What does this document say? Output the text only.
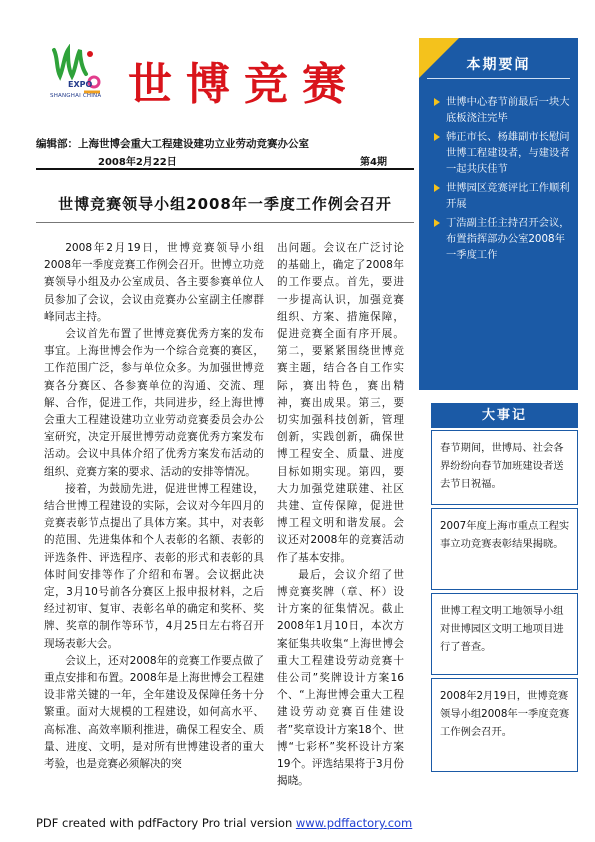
EXPO
SHANGHAI CHINA 世博竞赛
编辑部：上海世博会重大工程建设建功立业劳动竞赛办公室
2008年2月22日	第4期
世博竞赛领导小组2008年一季度工作例会召开

2008年2月19日，世博竞赛领导小组2008年一季度竞赛工作例会召开。世博立功竞赛领导小组及办公室成员、各主要参赛单位人员参加了会议，会议由竞赛办公室副主任廖群峰同志主持。

会议首先布置了世博竞赛优秀方案的发布事宜。上海世博会作为一个综合竞赛的赛区，工作范围广泛，参与单位众多。为加强世博竞赛各分赛区、各参赛单位的沟通、交流、理解、合作，促进工作，共同进步，经上海世博会重大工程建设建功立业劳动竞赛委员会办公室研究，决定开展世博劳动竞赛优秀方案发布活动。会议中具体介绍了优秀方案发布活动的组织、竞赛方案的要求、活动的安排等情况。

接着，为鼓励先进，促进世博工程建设，结合世博工程建设的实际，会议对今年四月的竞赛表彰节点提出了具体方案。其中，对表彰的范围、先进集体和个人表彰的名额、表彰的评选条件、评选程序、表彰的形式和表彰的具体时间安排等作了介绍和布署。会议据此决定，3月10号前各分赛区上报申报材料，之后经过初审、复审、表彰名单的确定和奖杯、奖牌、奖章的制作等环节，4月25日左右将召开现场表彰大会。

会议上，还对2008年的竞赛工作要点做了重点安排和布置。2008年是上海世博会工程建设非常关键的一年，全年建设及保障任务十分繁重。面对大规模的工程建设，如何高水平、高标准、高效率顺利推进，确保工程安全、质量、进度、文明，是对所有世博建设者的重大考验，也是竞赛必须解决的突

出问题。会议在广泛讨论的基础上，确定了2008年的工作要点。首先，要进一步提高认识，加强竞赛组织、方案、措施保障，促进竞赛全面有序开展。第二，要紧紧围绕世博竞赛主题，结合各自工作实际，赛出特色，赛出精神，赛出成果。第三，要切实加强科技创新，管理创新，实践创新，确保世博工程安全、质量、进度目标如期实现。第四，要大力加强党建联建、社区共建、宣传保障，促进世博工程文明和谐发展。会议还对2008年的竞赛活动作了基本安排。

最后，会议介绍了世博竞赛奖牌（章、杯）设计方案的征集情况。截止2008年1月10日，本次方案征集共收集“上海世博会重大工程建设劳动竞赛十佳公司”奖牌设计方案16个、“上海世博会重大工程建设劳动竞赛百佳建设者”奖章设计方案18个、世博“七彩杯”奖杯设计方案19个。评选结果将于3月份揭晓。

本期要闻
世博中心春节前最后一块大底板浇注完毕
韩正市长、杨雄副市长慰问世博工程建设者，与建设者一起共庆佳节
世博园区竞赛评比工作顺利开展
丁浩副主任主持召开会议，布置指挥部办公室2008年一季度工作
大事记
春节期间，世博局、社会各界纷纷向春节加班建设者送去节日祝福。
2007年度上海市重点工程实事立功竞赛表彰结果揭晓。
世博工程文明工地领导小组对世博园区文明工地项目进行了普查。
2008年2月19日，世博竞赛领导小组2008年一季度竞赛工作例会召开。
PDF created with pdfFactory Pro trial version www.pdffactory.com
